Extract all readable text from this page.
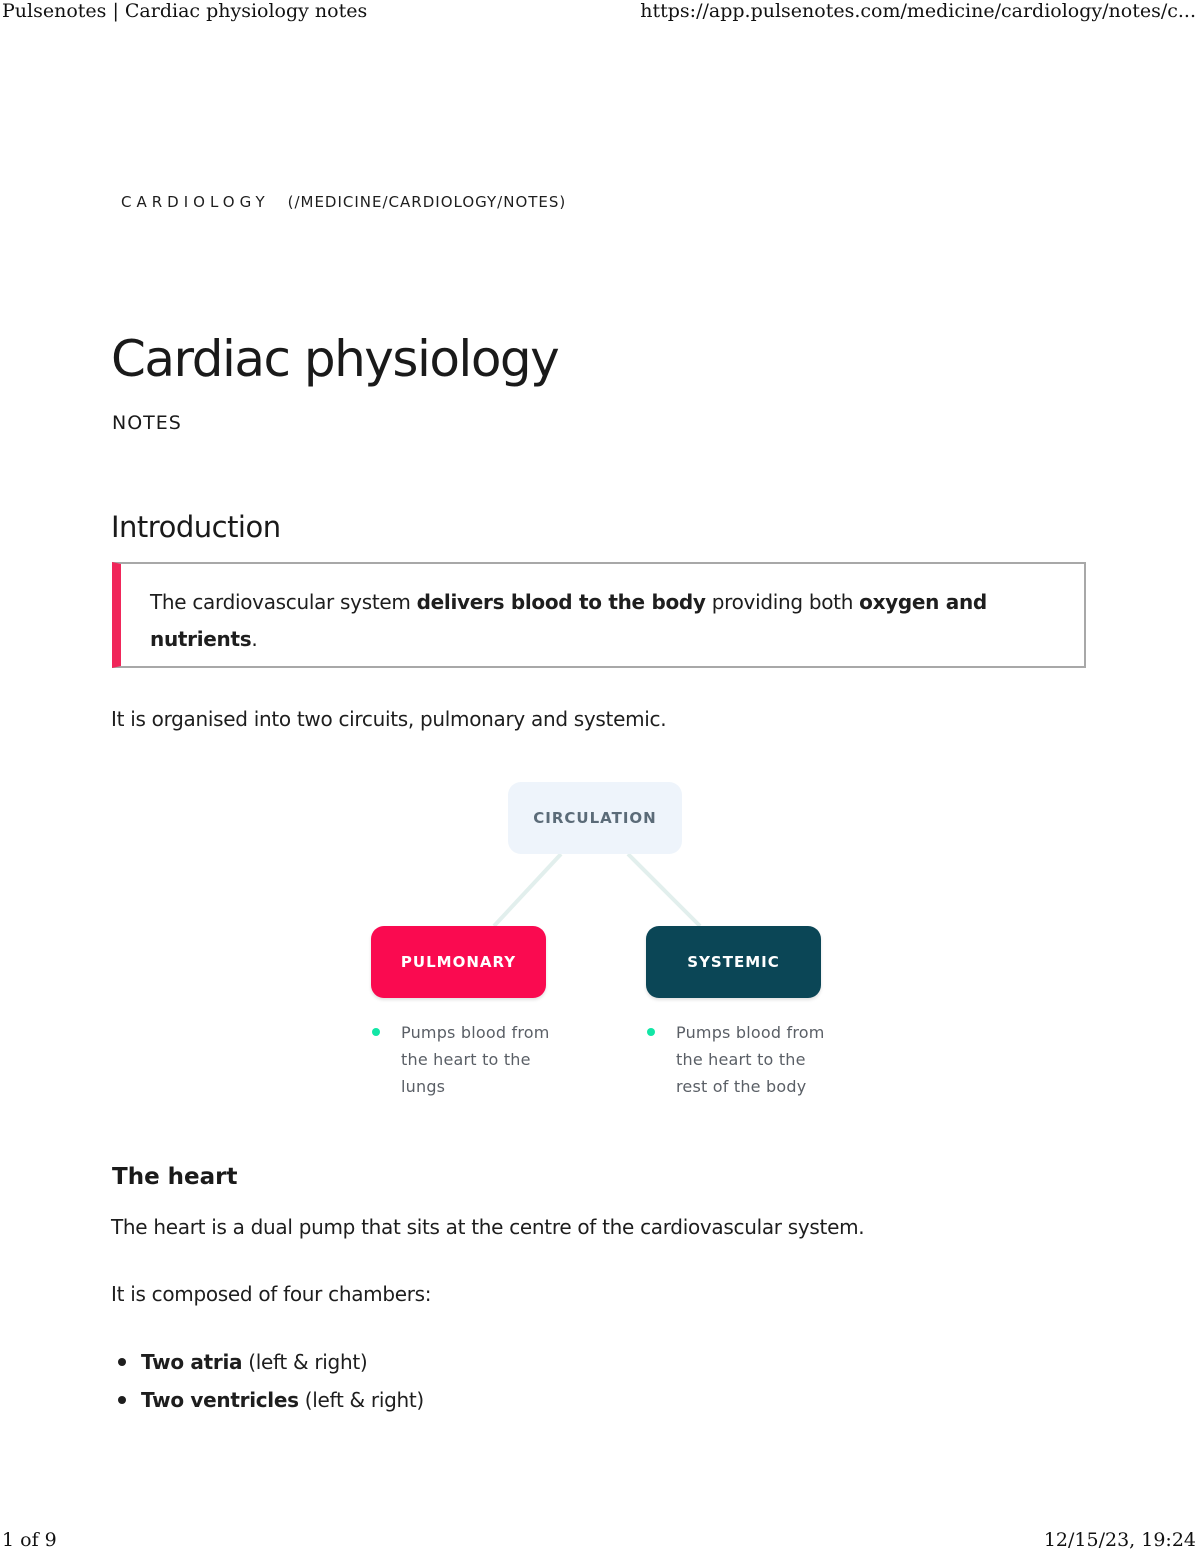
Pulsenotes | Cardiac physiology notes	https://app.pulsenotes.com/medicine/cardiology/notes/c...
CARDIOLOGY (/MEDICINE/CARDIOLOGY/NOTES)
Cardiac physiology
NOTES
Introduction

The cardiovascular system delivers blood to the body providing both oxygen and nutrients.

It is organised into two circuits, pulmonary and systemic.

CIRCULATION
PULMONARY	SYSTEMIC
Pumps blood from the heart to the lungs
Pumps blood from the heart to the rest of the body
The heart

The heart is a dual pump that sits at the centre of the cardiovascular system.

It is composed of four chambers:

Two atria (left & right)
Two ventricles (left & right)
1 of 9	12/15/23, 19:24
